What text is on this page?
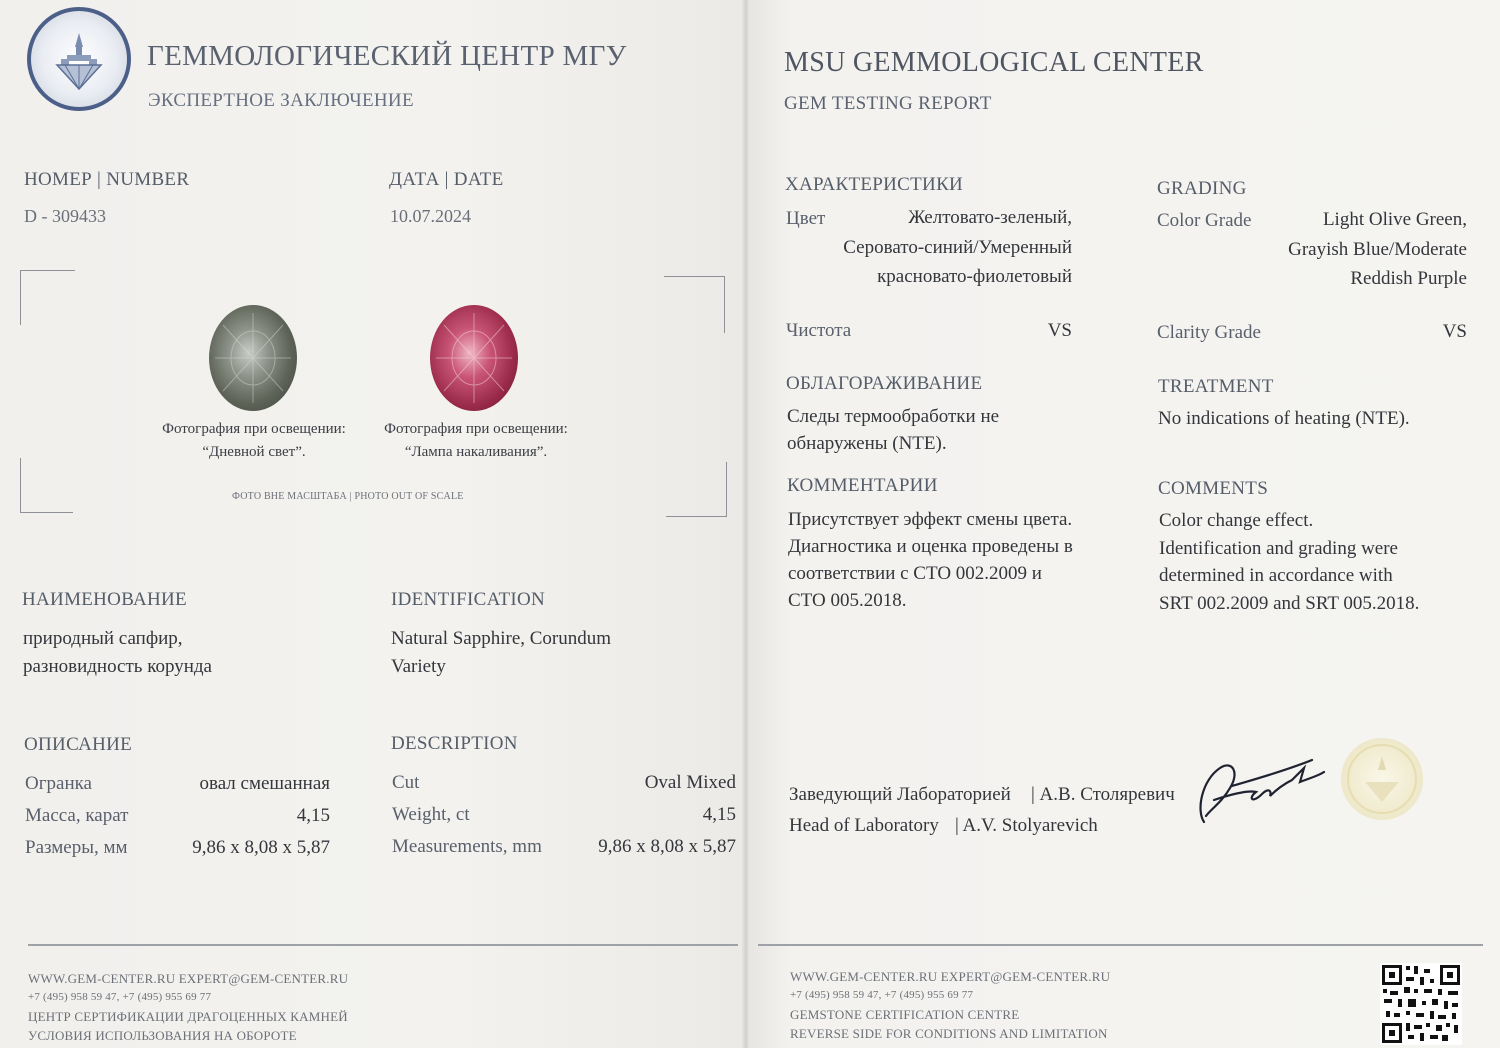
ГЕММОЛОГИЧЕСКИЙ ЦЕНТР МГУ
ЭКСПЕРТНОЕ ЗАКЛЮЧЕНИЕ
MSU GEMMOLOGICAL CENTER
GEM TESTING REPORT
НОМЕР | NUMBER
D - 309433
ДАТА | DATE
10.07.2024
Фотография при освещении:
“Дневной свет”.
Фотография при освещении:
“Лампа накаливания”.
ФОТО ВНЕ МАСШТАБА | PHOTO OUT OF SCALE
НАИМЕНОВАНИЕ
природный сапфир,
разновидность корунда
IDENTIFICATION
Natural Sapphire, Corundum
Variety
ОПИСАНИЕ	DESCRIPTION
Огранка	овал смешанная
Масса, карат	4,15
Размеры, мм	9,86 x 8,08 x 5,87
Cut	Oval Mixed
Weight, ct	4,15
Measurements, mm	9,86 x 8,08 x 5,87
ХАРАКТЕРИСТИКИ
Цвет	Желтовато-зеленый,
Серовато-синий/Умеренный
красновато-фиолетовый
Чистота	VS
GRADING
Color Grade	Light Olive Green,
Grayish Blue/Moderate
Reddish Purple
Clarity Grade	VS
ОБЛАГОРАЖИВАНИЕ
Следы термообработки не
обнаружены (NTE).
TREATMENT
No indications of heating (NTE).
КОММЕНТАРИИ
Присутствует эффект смены цвета.
Диагностика и оценка проведены в
соответствии с СТО 002.2009 и
СТО 005.2018.
COMMENTS
Color change effect.
Identification and grading were
determined in accordance with
SRT 002.2009 and SRT 005.2018.
Заведующий Лабораторией | А.В. Столяревич
Head of Laboratory | A.V. Stolyarevich
WWW.GEM-CENTER.RU EXPERT@GEM-CENTER.RU
+7 (495) 958 59 47, +7 (495) 955 69 77
ЦЕНТР СЕРТИФИКАЦИИ ДРАГОЦЕННЫХ КАМНЕЙ
УСЛОВИЯ ИСПОЛЬЗОВАНИЯ НА ОБОРОТЕ
WWW.GEM-CENTER.RU EXPERT@GEM-CENTER.RU
+7 (495) 958 59 47, +7 (495) 955 69 77
GEMSTONE CERTIFICATION CENTRE
REVERSE SIDE FOR CONDITIONS AND LIMITATION
